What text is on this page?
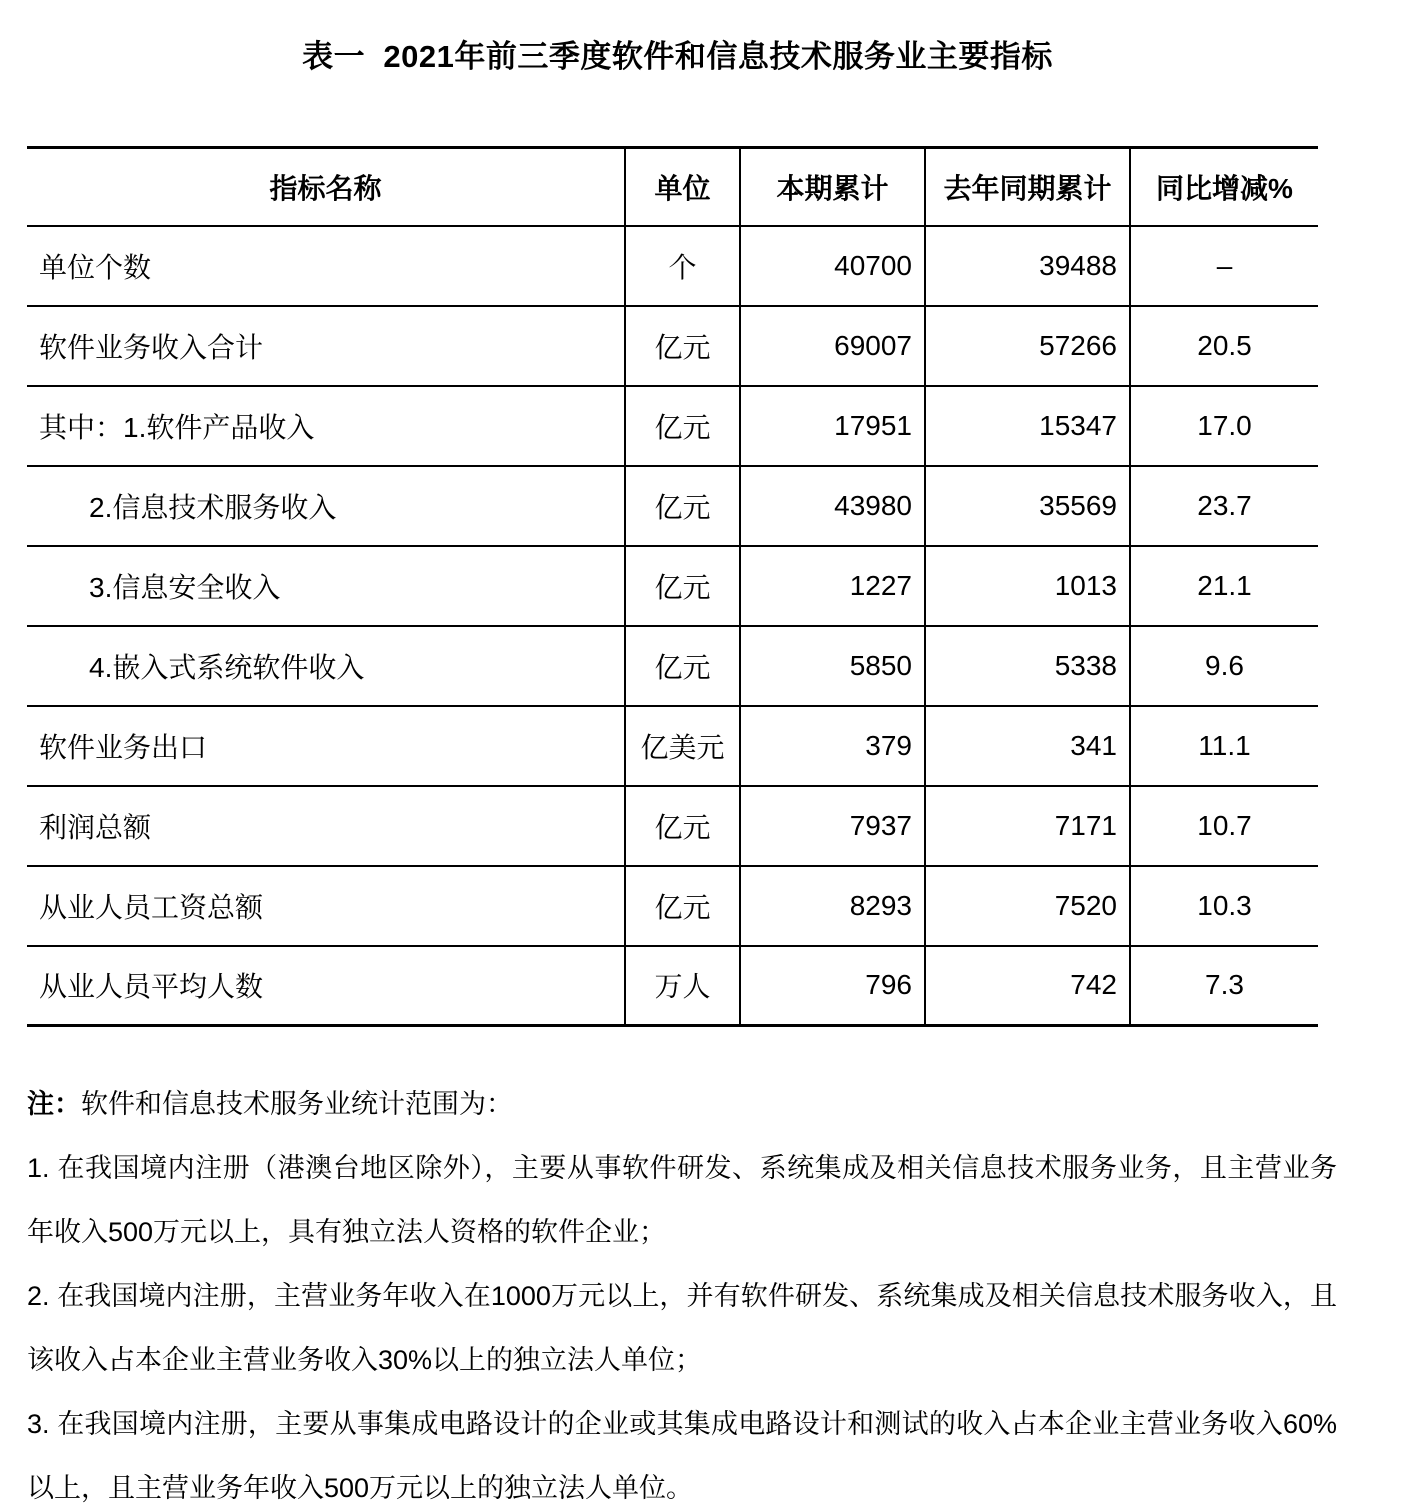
表一  2021年前三季度软件和信息技术服务业主要指标
指标名称	单位	本期累计	去年同期累计	同比增减%
单位个数	个	40700	39488	–
软件业务收入合计	亿元	69007	57266	20.5
其中：1.软件产品收入	亿元	17951	15347	17.0
2.信息技术服务收入	亿元	43980	35569	23.7
3.信息安全收入	亿元	1227	1013	21.1
4.嵌入式系统软件收入	亿元	5850	5338	9.6
软件业务出口	亿美元	379	341	11.1
利润总额	亿元	7937	7171	10.7
从业人员工资总额	亿元	8293	7520	10.3
从业人员平均人数	万人	796	742	7.3

注：软件和信息技术服务业统计范围为：

1. 在我国境内注册（港澳台地区除外），主要从事软件研发、系统集成及相关信息技术服务业务，且主营业务年收入500万元以上，具有独立法人资格的软件企业；

2. 在我国境内注册，主营业务年收入在1000万元以上，并有软件研发、系统集成及相关信息技术服务收入，且该收入占本企业主营业务收入30%以上的独立法人单位；

3. 在我国境内注册，主要从事集成电路设计的企业或其集成电路设计和测试的收入占本企业主营业务收入60%以上，且主营业务年收入500万元以上的独立法人单位。
